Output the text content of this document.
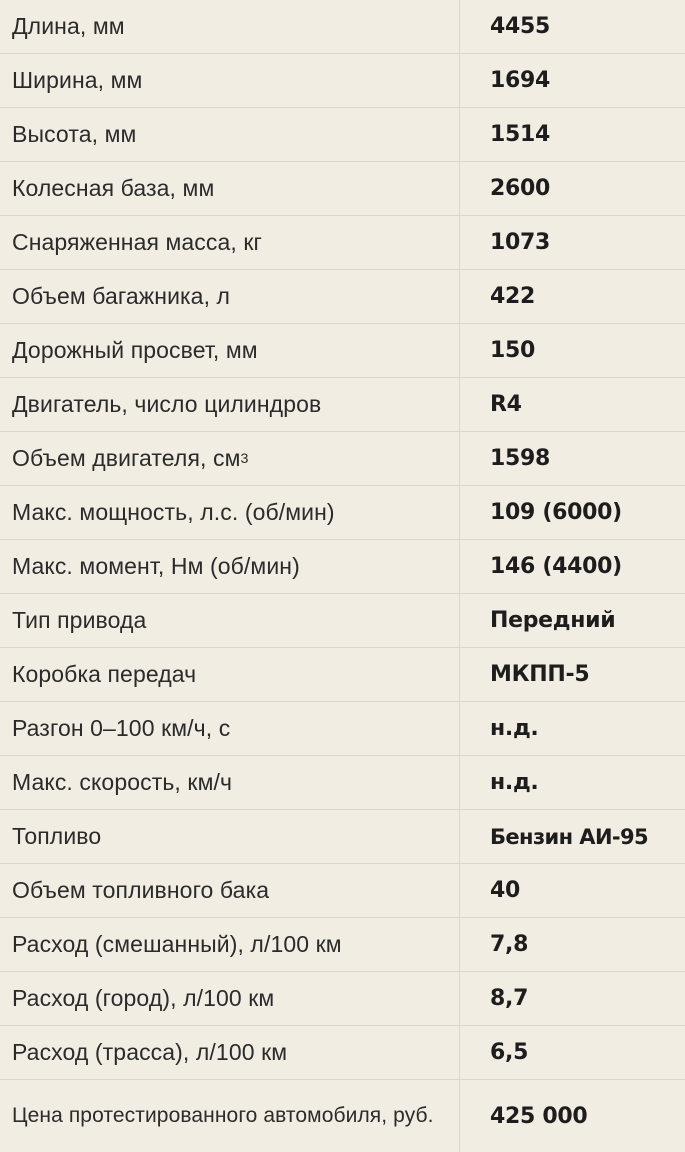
Длина, мм	4455
Ширина, мм	1694
Высота, мм	1514
Колесная база, мм	2600
Снаряженная масса, кг	1073
Объем багажника, л	422
Дорожный просвет, мм	150
Двигатель, число цилиндров	R4
Объем двигателя, см 3	1598
Макс. мощность, л.с. (об/мин)	109 (6000)
Макс. момент, Нм (об/мин)	146 (4400)
Тип привода	Передний
Коробка передач	МКПП-5
Разгон 0–100 км/ч, с	н.д.
Макс. скорость, км/ч	н.д.
Топливо	Бензин АИ-95
Объем топливного бака	40
Расход (смешанный), л/100 км	7,8
Расход (город), л/100 км	8,7
Расход (трасса), л/100 км	6,5
Цена протестированного автомобиля, руб.	425 000
